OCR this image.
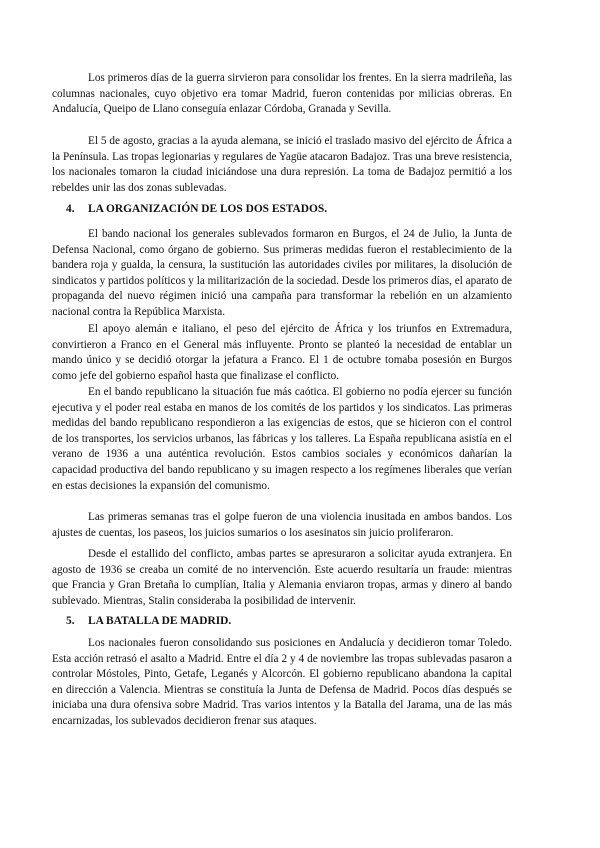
Los primeros días de la guerra sirvieron para consolidar los frentes. En la sierra madrileña, las columnas nacionales, cuyo objetivo era tomar Madrid, fueron contenidas por milicias obreras. En Andalucía, Queipo de Llano conseguía enlazar Córdoba, Granada y Sevilla.

El 5 de agosto, gracias a la ayuda alemana, se inició el traslado masivo del ejército de África a la Península. Las tropas legionarias y regulares de Yagüe atacaron Badajoz. Tras una breve resistencia, los nacionales tomaron la ciudad iniciándose una dura represión. La toma de Badajoz permitió a los rebeldes unir las dos zonas sublevadas.

4. LA ORGANIZACIÓN DE LOS DOS ESTADOS.

El bando nacional los generales sublevados formaron en Burgos, el 24 de Julio, la Junta de Defensa Nacional, como órgano de gobierno. Sus primeras medidas fueron el restablecimiento de la bandera roja y gualda, la censura, la sustitución las autoridades civiles por militares, la disolución de sindicatos y partidos políticos y la militarización de la sociedad. Desde los primeros días, el aparato de propaganda del nuevo régimen inició una campaña para transformar la rebelión en un alzamiento nacional contra la República Marxista.

El apoyo alemán e italiano, el peso del ejército de África y los triunfos en Extremadura, convirtieron a Franco en el General más influyente. Pronto se planteó la necesidad de entablar un mando único y se decidió otorgar la jefatura a Franco. El 1 de octubre tomaba posesión en Burgos como jefe del gobierno español hasta que finalizase el conflicto.

En el bando republicano la situación fue más caótica. El gobierno no podía ejercer su función ejecutiva y el poder real estaba en manos de los comités de los partidos y los sindicatos. Las primeras medidas del bando republicano respondieron a las exigencias de estos, que se hicieron con el control de los transportes, los servicios urbanos, las fábricas y los talleres. La España republicana asistía en el verano de 1936 a una auténtica revolución. Estos cambios sociales y económicos dañarían la capacidad productiva del bando republicano y su imagen respecto a los regímenes liberales que verían en estas decisiones la expansión del comunismo.

Las primeras semanas tras el golpe fueron de una violencia inusitada en ambos bandos. Los ajustes de cuentas, los paseos, los juicios sumarios o los asesinatos sin juicio proliferaron.

Desde el estallido del conflicto, ambas partes se apresuraron a solicitar ayuda extranjera. En agosto de 1936 se creaba un comité de no intervención. Este acuerdo resultaría un fraude: mientras que Francia y Gran Bretaña lo cumplían, Italia y Alemania enviaron tropas, armas y dinero al bando sublevado. Mientras, Stalin consideraba la posibilidad de intervenir.

5. LA BATALLA DE MADRID.

Los nacionales fueron consolidando sus posiciones en Andalucía y decidieron tomar Toledo. Esta acción retrasó el asalto a Madrid. Entre el día 2 y 4 de noviembre las tropas sublevadas pasaron a controlar Móstoles, Pinto, Getafe, Leganés y Alcorcón. El gobierno republicano abandona la capital en dirección a Valencia. Mientras se constituía la Junta de Defensa de Madrid. Pocos días después se iniciaba una dura ofensiva sobre Madrid. Tras varios intentos y la Batalla del Jarama, una de las más encarnizadas, los sublevados decidieron frenar sus ataques.
